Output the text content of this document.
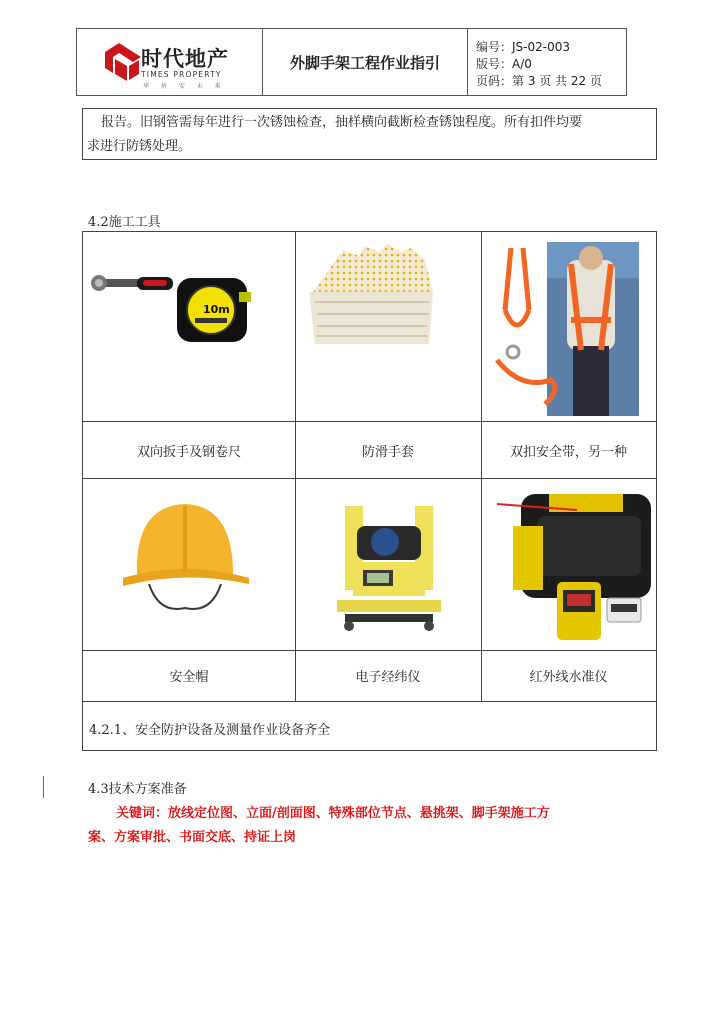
时代地产
TIMES PROPERTY
华 侨 安 未 来
外脚手架工程作业指引
编号：JS-02-003
版号：A/0
页码：第 3 页 共 22 页
报告。旧钢管需每年进行一次锈蚀检查，抽样横向截断检查锈蚀程度。所有扣件均要
求进行防锈处理。
4.2施工工具
10m
双向扳手及钢卷尺	防滑手套	双扣安全带，另一种
安全帽	电子经纬仪	红外线水准仪
4.2.1、安全防护设备及测量作业设备齐全
4.3技术方案准备
关键词：放线定位图、立面/剖面图、特殊部位节点、悬挑架、脚手架施工方
案、方案审批、书面交底、持证上岗
